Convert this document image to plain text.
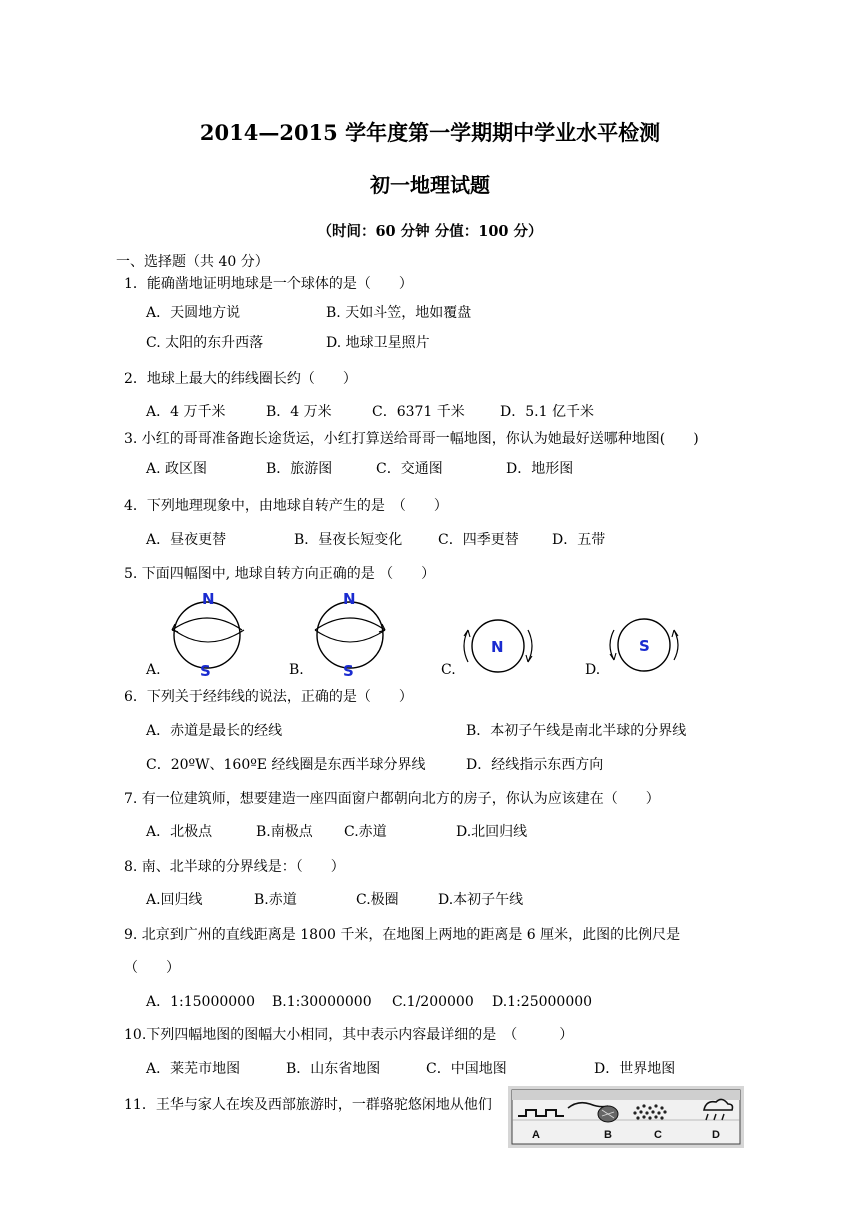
2014—2015 学年度第一学期期中学业水平检测
初一地理试题
（时间：60 分钟 分值：100 分）
一、选择题（共 40 分）
1．能确凿地证明地球是一个球体的是（　　）
A．天圆地方说	B. 天如斗笠，地如覆盘
C. 太阳的东升西落	D. 地球卫星照片
2．地球上最大的纬线圈长约（　　）
A．4 万千米	B．4 万米	C．6371 千米	D．5.1 亿千米
3. 小红的哥哥准备跑长途货运，小红打算送给哥哥一幅地图，你认为她最好送哪种地图(　　)
A. 政区图	B．旅游图	C．交通图	D．地形图
4．下列地理现象中，由地球自转产生的是　（　　）
A．昼夜更替	B．昼夜长短变化	C．四季更替 D．五带
5. 下面四幅图中, 地球自转方向正确的是 （　　）
N
S
A.
N
S
B.
N
C.
S
D.
6．下列关于经纬线的说法，正确的是（　　）
A．赤道是最长的经线	B．本初子午线是南北半球的分界线
C．20ºW、160ºE 经线圈是东西半球分界线	D．经线指示东西方向
7. 有一位建筑师，想要建造一座四面窗户都朝向北方的房子，你认为应该建在（　　）
A．北极点	B.南极点 C.赤道	D.北回归线
8. 南、北半球的分界线是：（　　）
A.回归线	B.赤道	C.极圈	D.本初子午线
9. 北京到广州的直线距离是 1800 千米，在地图上两地的距离是 6 厘米，此图的比例尺是
（　　）
A．1:15000000 B.1:30000000 C.1/200000 D.1:25000000
10.下列四幅地图的图幅大小相同，其中表示内容最详细的是　（　　　）
A．莱芜市地图	B．山东省地图	C．中国地图	D．世界地图
11．王华与家人在埃及西部旅游时，一群骆驼悠闲地从他们
A	B	C	D
